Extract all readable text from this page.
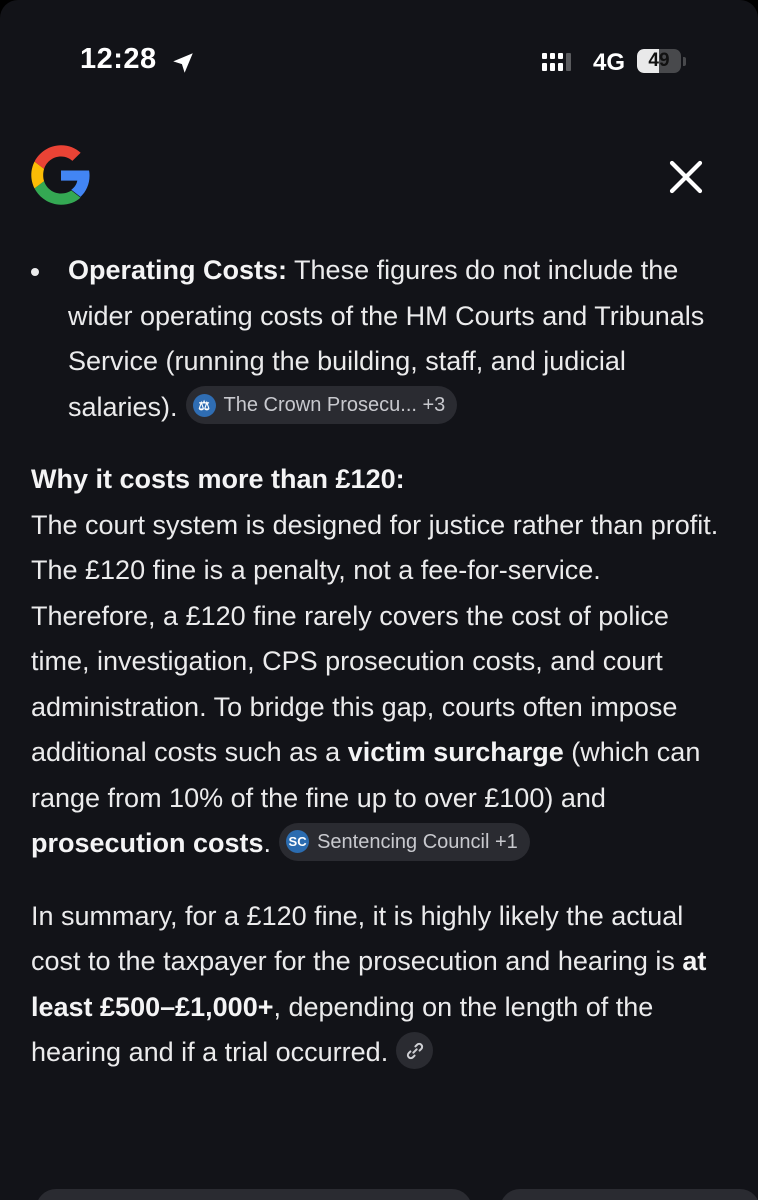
12:28	4G	49
Operating Costs: These figures do not include the wider operating costs of the HM Courts and Tribunals Service (running the building, staff, and judicial salaries).	⚖ The Crown Prosecu... +3
Why it costs more than £120:
The court system is designed for justice rather than profit. The £120 fine is a penalty, not a fee-for-service. Therefore, a £120 fine rarely covers the cost of police time, investigation, CPS prosecution costs, and court administration. To bridge this gap, courts often impose additional costs such as a victim surcharge (which can range from 10% of the fine up to over £100) and prosecution costs. SC Sentencing Council +1
In summary, for a £120 fine, it is highly likely the actual cost to the taxpayer for the prosecution and hearing is at least £500–£1,000+, depending on the length of the hearing and if a trial occurred.
